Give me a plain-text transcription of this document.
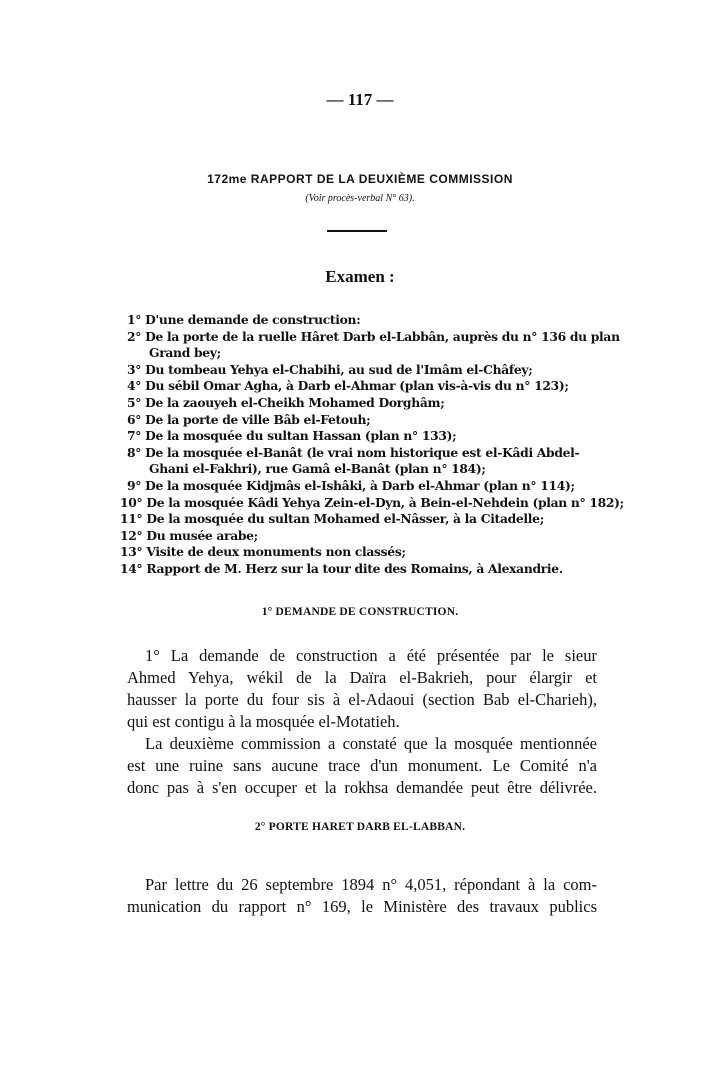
— 117 —
172me RAPPORT DE LA DEUXIÈME COMMISSION
(Voir procès-verbal N° 63).
Examen :
1° D'une demande de construction:
2° De la porte de la ruelle Hâret Darb el-Labbân, auprès du n° 136 du plan
Grand bey;
3° Du tombeau Yehya el-Chabihi, au sud de l'Imâm el-Châfey;
4° Du sébil Omar Agha, à Darb el-Ahmar (plan vis-à-vis du n° 123);
5° De la zaouyeh el-Cheikh Mohamed Dorghâm;
6° De la porte de ville Bâb el-Fetouh;
7° De la mosquée du sultan Hassan (plan n° 133);
8° De la mosquée el-Banât (le vrai nom historique est el-Kâdi Abdel-
Ghani el-Fakhri), rue Gamâ el-Banât (plan n° 184);
9° De la mosquée Kidjmâs el-Ishâki, à Darb el-Ahmar (plan n° 114);
10° De la mosquée Kâdi Yehya Zein-el-Dyn, à Bein-el-Nehdein (plan n° 182);
11° De la mosquée du sultan Mohamed el-Nâsser, à la Citadelle;
12° Du musée arabe;
13° Visite de deux monuments non classés;
14° Rapport de M. Herz sur la tour dite des Romains, à Alexandrie.
1° DEMANDE DE CONSTRUCTION.
1° La demande de construction a été présentée par le sieur
Ahmed Yehya, wékil de la Daïra el-Bakrieh, pour élargir et
hausser la porte du four sis à el-Adaoui (section Bab el-Charieh),
qui est contigu à la mosquée el-Motatieh.
La deuxième commission a constaté que la mosquée mentionnée
est une ruine sans aucune trace d'un monument. Le Comité n'a
donc pas à s'en occuper et la rokhsa demandée peut être délivrée.
2° PORTE HARET DARB EL-LABBAN.
Par lettre du 26 septembre 1894 n° 4,051, répondant à la com-
munication du rapport n° 169, le Ministère des travaux publics
